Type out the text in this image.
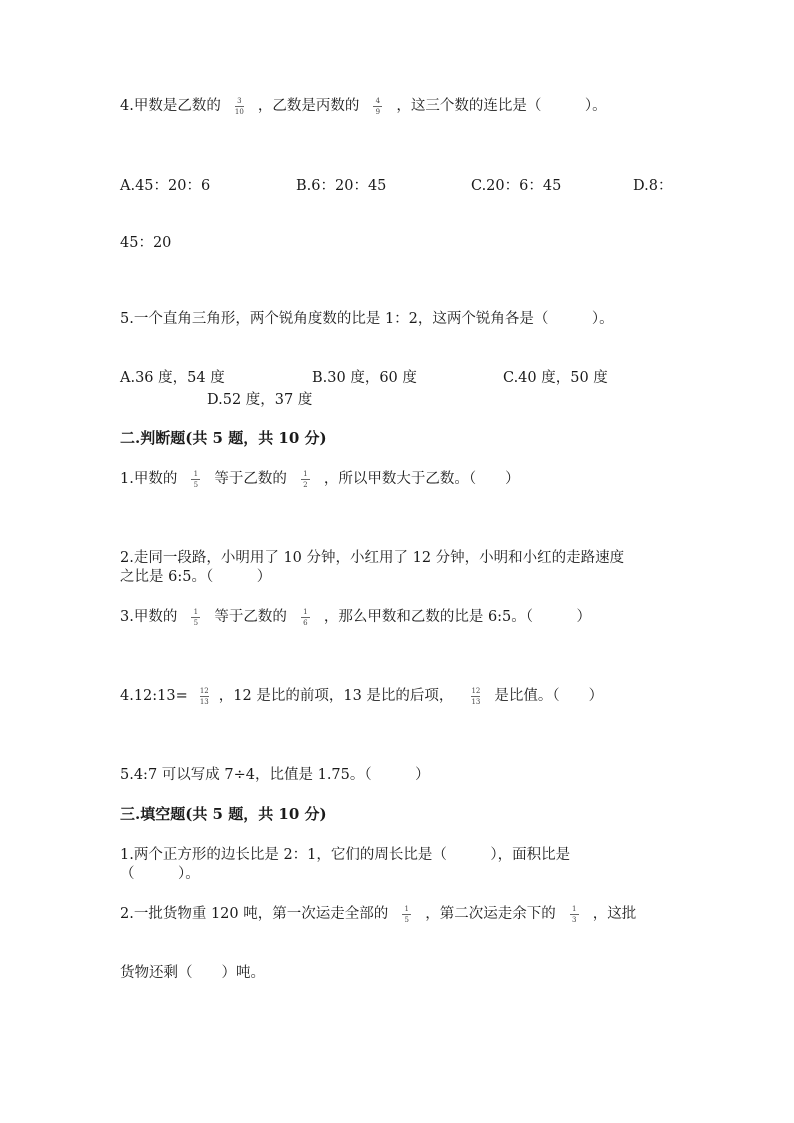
4.甲数是乙数的 $\frac{3}{10}$ ，乙数是丙数的 $\frac{4}{9}$ ，这三个数的连比是（　　　）。
A.45：20：6	B.6：20：45	C.20：6：45	D.8：
45：20
5.一个直角三角形，两个锐角度数的比是 1：2，这两个锐角各是（　　　）。
A.36 度，54 度	B.30 度，60 度	C.40 度，50 度
D.52 度，37 度
二.判断题(共 5 题，共 10 分)
1.甲数的 $\frac{1}{5}$ 等于乙数的 $\frac{1}{2}$ ，所以甲数大于乙数。（　　）
2.走同一段路，小明用了 10 分钟，小红用了 12 分钟，小明和小红的走路速度
之比是 6:5。（　　　）
3.甲数的 $\frac{1}{5}$ 等于乙数的 $\frac{1}{6}$ ，那么甲数和乙数的比是 6:5。（　　　）
4.12:13= $\frac{12}{13}$ ，12 是比的前项，13 是比的后项，	$\frac{12}{13}$ 是比值。（　　）
5.4:7 可以写成 7÷4，比值是 1.75。（　　　）
三.填空题(共 5 题，共 10 分)
1.两个正方形的边长比是 2：1，它们的周长比是（　　　），面积比是
（　　　）。
2.一批货物重 120 吨，第一次运走全部的 $\frac{1}{5}$ ，第二次运走余下的 $\frac{1}{3}$ ，这批
货物还剩（　　）吨。
